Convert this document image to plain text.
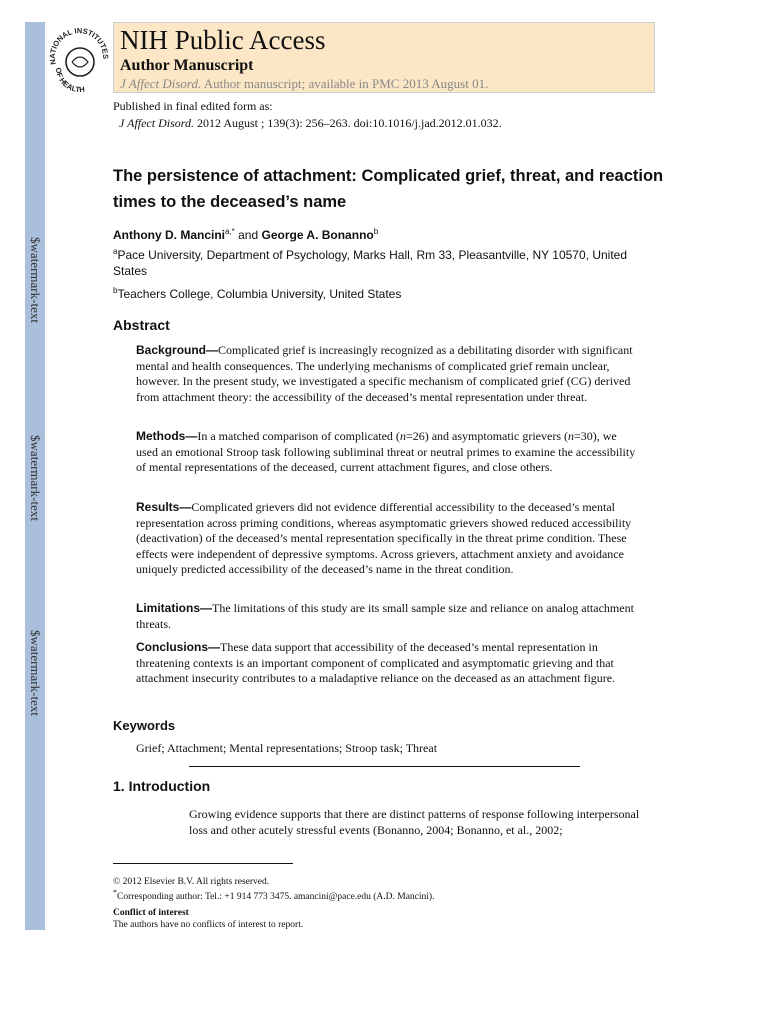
$watermark-text
$watermark-text
$watermark-text
NATIONAL INSTITUTES
OF HEALTH
NIH Public Access
Author Manuscript
J Affect Disord. Author manuscript; available in PMC 2013 August 01.
Published in final edited form as:
J Affect Disord. 2012 August ; 139(3): 256–263. doi:10.1016/j.jad.2012.01.032.
The persistence of attachment: Complicated grief, threat, and reaction times to the deceased’s name
Anthony D. Mancini$^{a,*}$ and George A. Bonanno$^b$
$^a$Pace University, Department of Psychology, Marks Hall, Rm 33, Pleasantville, NY 10570, United States
$^b$Teachers College, Columbia University, United States
Abstract
Background—Complicated grief is increasingly recognized as a debilitating disorder with significant mental and health consequences. The underlying mechanisms of complicated grief remain unclear, however. In the present study, we investigated a specific mechanism of complicated grief (CG) derived from attachment theory: the accessibility of the deceased’s mental representation under threat.
Methods—In a matched comparison of complicated (n=26) and asymptomatic grievers (n=30), we used an emotional Stroop task following subliminal threat or neutral primes to examine the accessibility of mental representations of the deceased, current attachment figures, and close others.
Results—Complicated grievers did not evidence differential accessibility to the deceased’s mental representation across priming conditions, whereas asymptomatic grievers showed reduced accessibility (deactivation) of the deceased’s mental representation specifically in the threat prime condition. These effects were independent of depressive symptoms. Across grievers, attachment anxiety and avoidance uniquely predicted accessibility of the deceased’s name in the threat condition.
Limitations—The limitations of this study are its small sample size and reliance on analog attachment threats.
Conclusions—These data support that accessibility of the deceased’s mental representation in threatening contexts is an important component of complicated and asymptomatic grieving and that attachment insecurity contributes to a maladaptive reliance on the deceased as an attachment figure.
Keywords
Grief; Attachment; Mental representations; Stroop task; Threat
1. Introduction
Growing evidence supports that there are distinct patterns of response following interpersonal loss and other acutely stressful events (Bonanno, 2004; Bonanno, et al., 2002;
© 2012 Elsevier B.V. All rights reserved.
*Corresponding author: Tel.: +1 914 773 3475. amancini@pace.edu (A.D. Mancini).
Conflict of interest
The authors have no conflicts of interest to report.
